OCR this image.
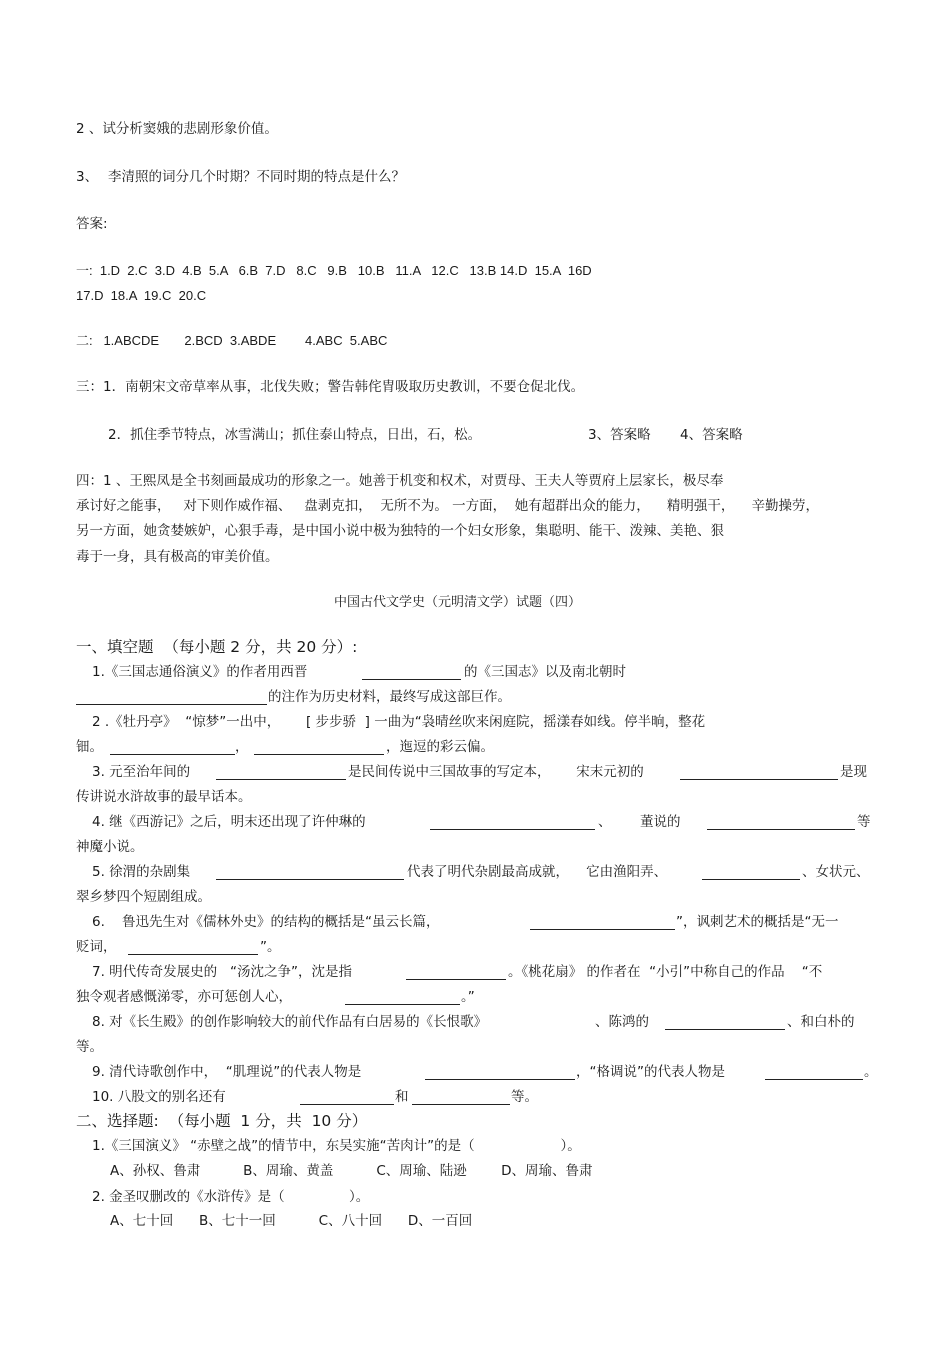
2 、试分析窦娥的悲剧形象价值。
3、 李清照的词分几个时期？不同时期的特点是什么？
答案:
一:  1.D  2.C  3.D  4.B  5.A   6.B  7.D   8.C   9.B   10.B   11.A   12.C   13.B 14.D  15.A  16D
17.D  18.A  19.C  20.C
二:   1.ABCDE       2.BCD  3.ABDE        4.ABC  5.ABC
三：1．南朝宋文帝草率从事，北伐失败；警告韩侘胄吸取历史教训，不要仓促北伐。
2．抓住季节特点，冰雪满山；抓住泰山特点，日出，石，松。	3、答案略 4、答案略
四：1 、王熙凤是全书刻画最成功的形象之一。她善于机变和权术，对贾母、王夫人等贾府上层家长，极尽奉
承讨好之能事，   对下则作威作福、   盘剥克扣，  无所不为。 一方面，  她有超群出众的能力，    精明强干，    辛勤操劳，
另一方面，她贪婪嫉妒，心狠手毒，是中国小说中极为独特的一个妇女形象，集聪明、能干、泼辣、美艳、狠
毒于一身，具有极高的审美价值。
中国古代文学史（元明清文学）试题（四）
一、填空题  （每小题 2 分，共 20 分）:
1.《三国志通俗演义》的作者用西晋	的《三国志》以及南北朝时
的注作为历史材料，最终写成这部巨作。
2 .《牡丹亭》  “惊梦”一出中，      [ 步步骄  ] 一曲为“袅晴丝吹来闲庭院，摇漾春如线。停半晌，整花
钿。	，	，迤逗的彩云偏。
3. 元至治年间的	是民间传说中三国故事的写定本，      宋末元初的	是现
传讲说水浒故事的最早话本。
4. 继《西游记》之后，明末还出现了许仲琳的	、 董说的	等
神魔小说。
5. 徐渭的杂剧集	代表了明代杂剧最高成就，    它由渔阳弄、	、女状元、
翠乡梦四个短剧组成。
6.    鲁迅先生对《儒林外史》的结构的概括是“虽云长篇，	”，讽刺艺术的概括是“无一
贬词，	”。
7. 明代传奇发展史的   “汤沈之争”，沈是指	。《桃花扇》 的作者在  “小引”中称自己的作品    “不
独令观者感慨涕零，亦可惩创人心，	。”
8. 对《长生殿》的创作影响较大的前代作品有白居易的《长恨歌》	、陈鸿的	、和白朴的
等。
9. 清代诗歌创作中，  “肌理说”的代表人物是	，“格调说”的代表人物是	。
10. 八股文的别名还有	和	等。
二、选择题:  （每小题  1 分，共  10 分）
1.《三国演义》 “赤壁之战”的情节中，东吴实施“苦肉计”的是（                    ）。
A、孙权、鲁肃          B、周瑜、黄盖          C、周瑜、陆逊        D、周瑜、鲁肃
2. 金圣叹删改的《水浒传》是（               ）。
A、七十回      B、七十一回          C、八十回      D、一百回
